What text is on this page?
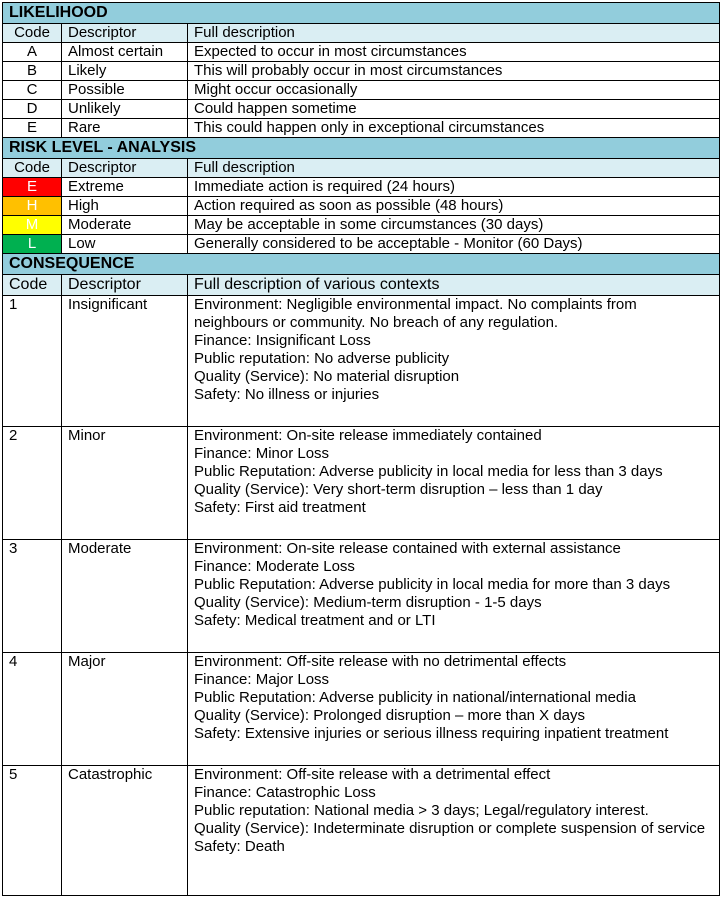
LIKELIHOOD		
Code	Descriptor	Full description
A	Almost certain	Expected to occur in most circumstances
B	Likely	This will probably occur in most circumstances
C	Possible	Might occur occasionally
D	Unlikely	Could happen sometime
E	Rare	This could happen only in exceptional circumstances
RISK LEVEL - ANALYSIS		
Code	Descriptor	Full description
E	Extreme	Immediate action is required (24 hours)
H	High	Action required as soon as possible (48 hours)
M	Moderate	May be acceptable in some circumstances (30 days)
L	Low	Generally considered to be acceptable - Monitor (60 Days)
CONSEQUENCE		
Code	Descriptor	Full description of various contexts
1	Insignificant	Environment: Negligible environmental impact. No complaints from neighbours or community. No breach of any regulation.
Finance: Insignificant Loss
Public reputation: No adverse publicity
Quality (Service): No material disruption
Safety: No illness or injuries

2	Minor	Environment: On-site release immediately contained
Finance: Minor Loss
Public Reputation: Adverse publicity in local media for less than 3 days
Quality (Service): Very short-term disruption – less than 1 day
Safety: First aid treatment

3	Moderate	Environment: On-site release contained with external assistance
Finance: Moderate Loss
Public Reputation: Adverse publicity in local media for more than 3 days
Quality (Service): Medium-term disruption - 1-5 days
Safety: Medical treatment and or LTI

4	Major	Environment: Off-site release with no detrimental effects
Finance: Major Loss
Public Reputation: Adverse publicity in national/international media
Quality (Service): Prolonged disruption – more than X days
Safety: Extensive injuries or serious illness requiring inpatient treatment

5	Catastrophic	Environment: Off-site release with a detrimental effect
Finance: Catastrophic Loss
Public reputation: National media > 3 days; Legal/regulatory interest.
Quality (Service): Indeterminate disruption or complete suspension of service
Safety: Death
